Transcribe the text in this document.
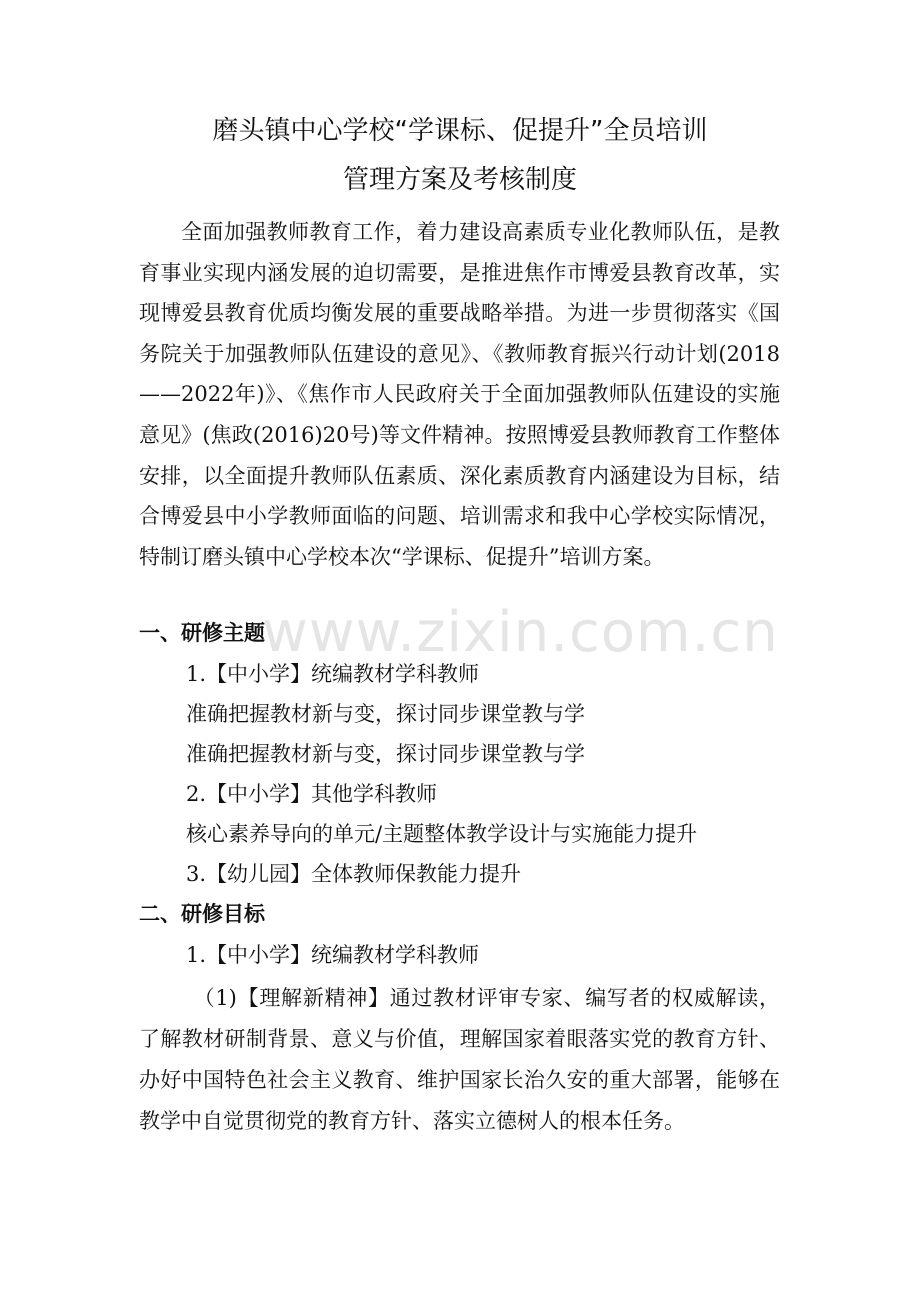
磨头镇中心学校“学课标、促提升”全员培训
管理方案及考核制度

全面加强教师教育工作，着力建设高素质专业化教师队伍，是教育事业实现内涵发展的迫切需要，是推进焦作市博爱县教育改革，实现博爱县教育优质均衡发展的重要战略举措。为进一步贯彻落实《国务院关于加强教师队伍建设的意见》、《教师教育振兴行动计划(2018——2022年)》、《焦作市人民政府关于全面加强教师队伍建设的实施意见》(焦政(2016)20号)等文件精神。按照博爱县教师教育工作整体安排，以全面提升教师队伍素质、深化素质教育内涵建设为目标，结合博爱县中小学教师面临的问题、培训需求和我中心学校实际情况，特制订磨头镇中心学校本次“学课标、促提升”培训方案。

一、研修主题

1.【中小学】统编教材学科教师

准确把握教材新与变，探讨同步课堂教与学

准确把握教材新与变，探讨同步课堂教与学

2.【中小学】其他学科教师

核心素养导向的单元/主题整体教学设计与实施能力提升

3.【幼儿园】全体教师保教能力提升

二、研修目标

1.【中小学】统编教材学科教师

（1)【理解新精神】通过教材评审专家、编写者的权威解读，了解教材研制背景、意义与价值，理解国家着眼落实党的教育方针、办好中国特色社会主义教育、维护国家长治久安的重大部署，能够在教学中自觉贯彻党的教育方针、落实立德树人的根本任务。

www.zixin.com.cn
